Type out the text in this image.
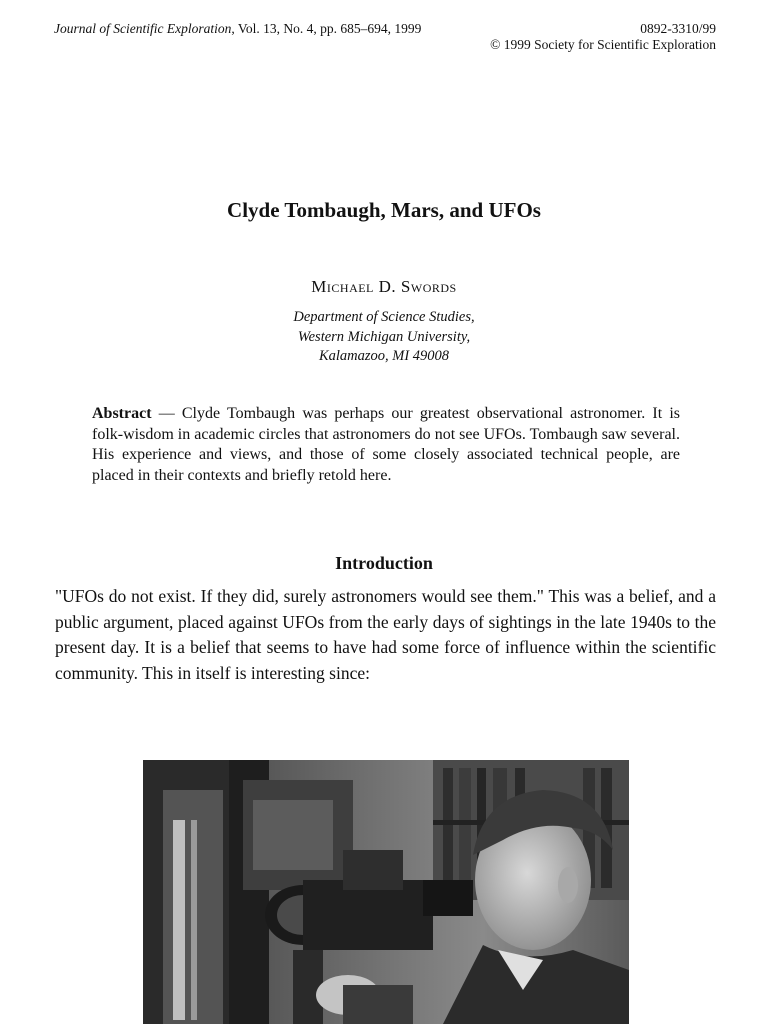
Journal of Scientific Exploration, Vol. 13, No. 4, pp. 685–694, 1999	0892-3310/99
© 1999 Society for Scientific Exploration
Clyde Tombaugh, Mars, and UFOs
Michael D. Swords
Department of Science Studies,
Western Michigan University,
Kalamazoo, MI 49008
Abstract — Clyde Tombaugh was perhaps our greatest observational astronomer. It is folk-wisdom in academic circles that astronomers do not see UFOs. Tombaugh saw several. His experience and views, and those of some closely associated technical people, are placed in their contexts and briefly retold here.
Introduction
"UFOs do not exist. If they did, surely astronomers would see them." This was a belief, and a public argument, placed against UFOs from the early days of sightings in the late 1940s to the present day. It is a belief that seems to have had some force of influence within the scientific community. This in itself is interesting since:
